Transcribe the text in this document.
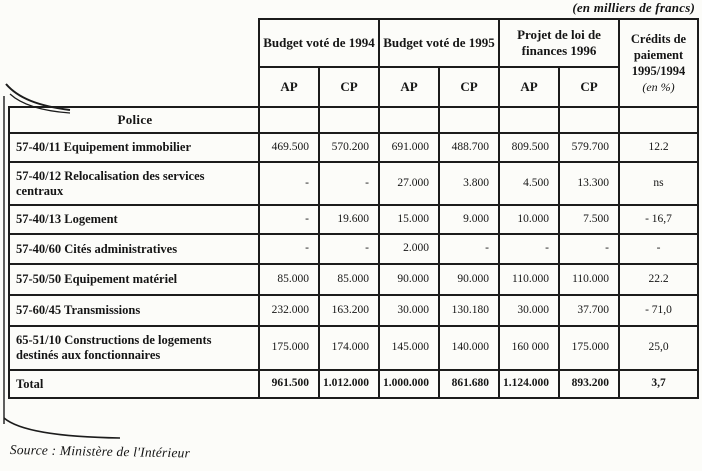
(en milliers de francs)
	Budget voté de 1994		Budget voté de 1995		Projet de loi de finances 1996		Crédits de paiement
1995/1994
(en %)

	AP	CP	AP	CP	AP	CP	
Police							
57-40/11 Equipement immobilier	469.500	570.200	691.000	488.700	809.500	579.700	12.2
57-40/12 Relocalisation des services centraux	-	-	27.000	3.800	4.500	13.300	ns
57-40/13 Logement	-	19.600	15.000	9.000	10.000	7.500	- 16,7
57-40/60 Cités administratives	-	-	2.000	-	-	-	-
57-50/50 Equipement matériel	85.000	85.000	90.000	90.000	110.000	110.000	22.2
57-60/45 Transmissions	232.000	163.200	30.000	130.180	30.000	37.700	- 71,0
65-51/10 Constructions de logements destinés aux fonctionnaires	175.000	174.000	145.000	140.000	160 000	175.000	25,0
Total	961.500	1.012.000	1.000.000	861.680	1.124.000	893.200	3,7
Source : Ministère de l'Intérieur
